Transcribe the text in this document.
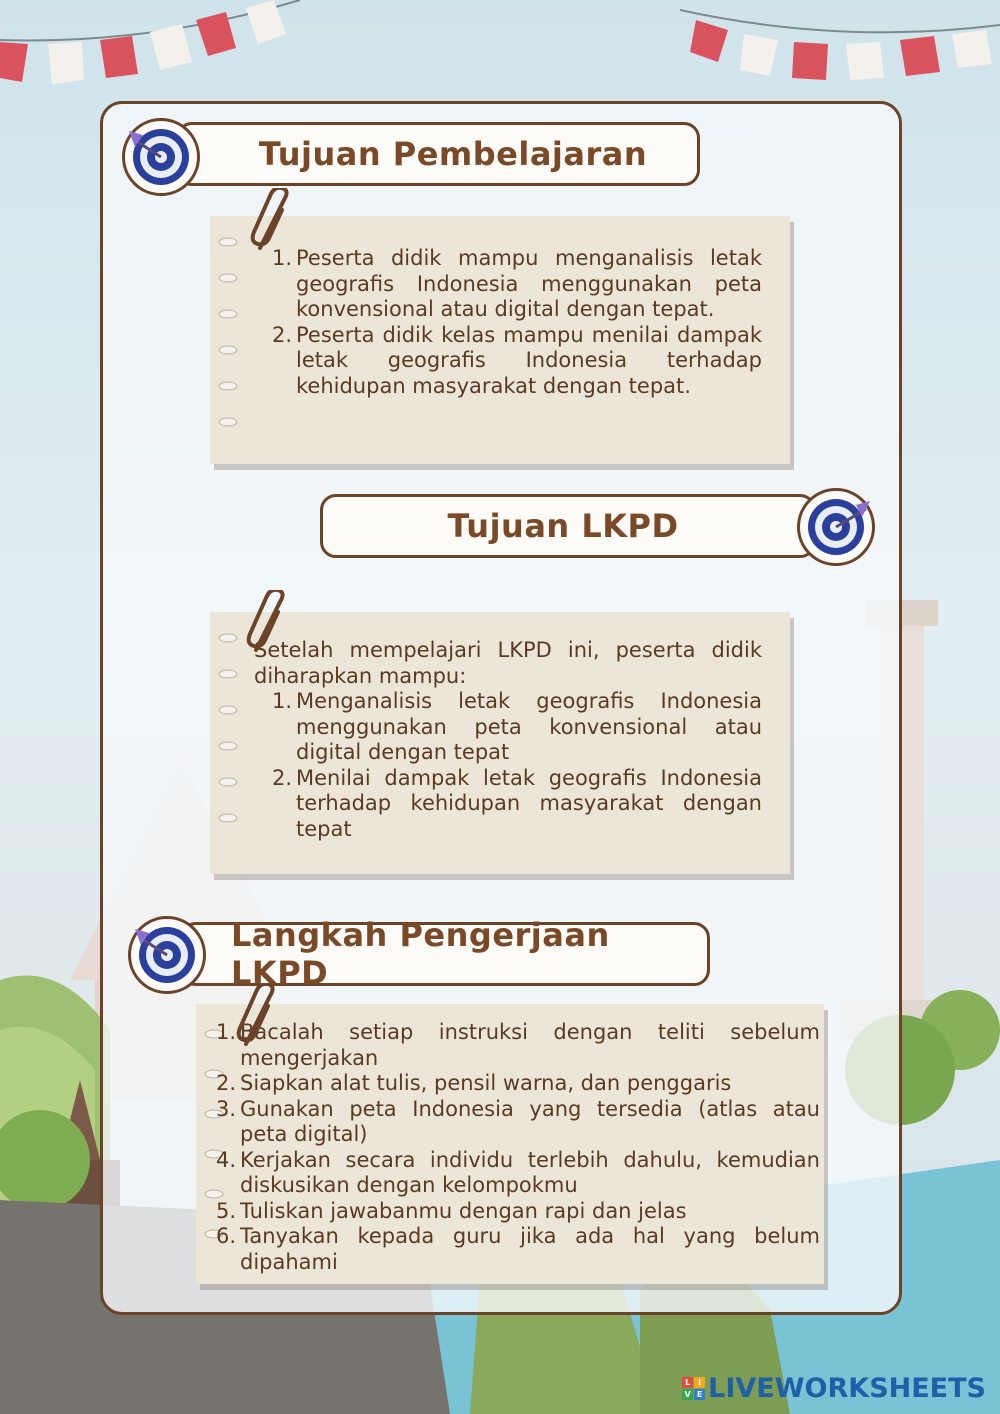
Tujuan Pembelajaran
1. Peserta didik mampu menganalisis letak geografis Indonesia menggunakan peta konvensional atau digital dengan tepat.
2. Peserta didik kelas mampu menilai dampak letak geografis Indonesia terhadap kehidupan masyarakat dengan tepat.
Tujuan LKPD

Setelah mempelajari LKPD ini, peserta didik diharapkan mampu:

1. Menganalisis letak geografis Indonesia menggunakan peta konvensional atau digital dengan tepat
2. Menilai dampak letak geografis Indonesia terhadap kehidupan masyarakat dengan tepat
Langkah Pengerjaan LKPD
1. Bacalah setiap instruksi dengan teliti sebelum mengerjakan
2. Siapkan alat tulis, pensil warna, dan penggaris
3. Gunakan peta Indonesia yang tersedia (atlas atau peta digital)
4. Kerjakan secara individu terlebih dahulu, kemudian diskusikan dengan kelompokmu
5. Tuliskan jawabanmu dengan rapi dan jelas
6. Tanyakan kepada guru jika ada hal yang belum dipahami
L I
V E LIVEWORKSHEETS
